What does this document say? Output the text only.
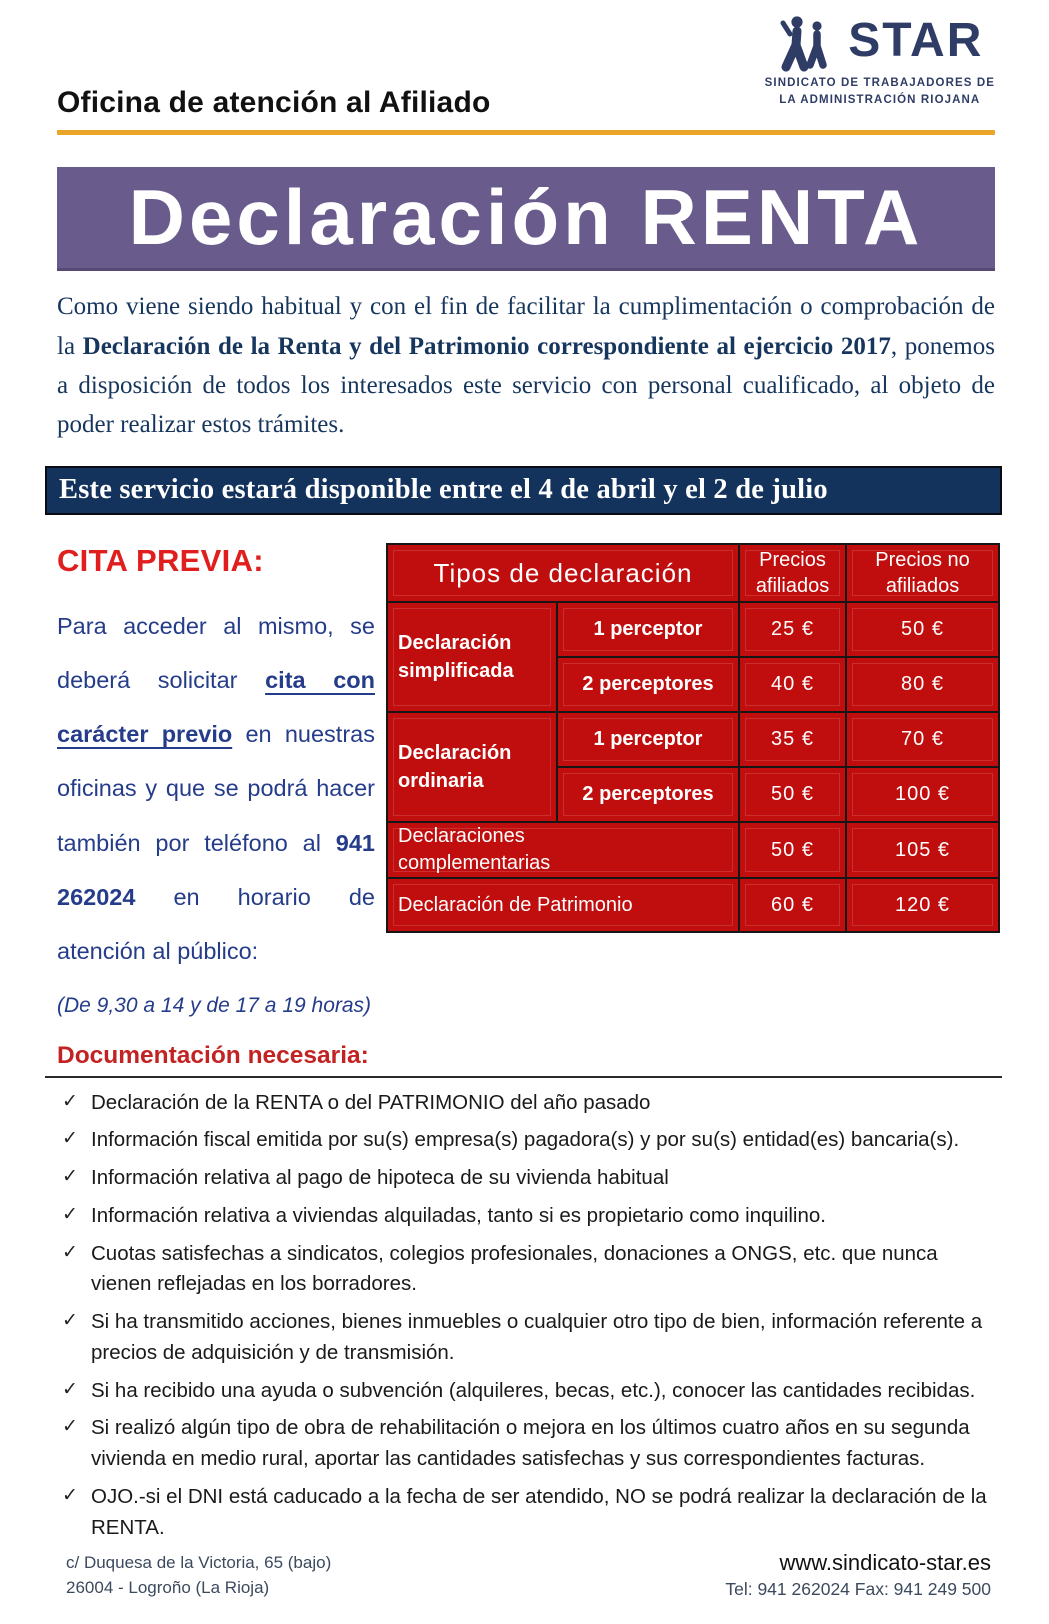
Oficina de atención al Afiliado
STAR
SINDICATO DE TRABAJADORES DE
LA ADMINISTRACIÓN RIOJANA
Declaración RENTA

Como viene siendo habitual y con el fin de facilitar la cumplimentación o comprobación de la Declaración de la Renta y del Patrimonio correspondiente al ejercicio 2017, ponemos a disposición de todos los interesados este servicio con personal cualificado, al objeto de poder realizar estos trámites.

Este servicio estará disponible entre el 4 de abril y el 2 de julio
CITA PREVIA:

Para acceder al mismo, se deberá solicitar cita con carácter previo en nuestras oficinas y que se podrá hacer también por teléfono al 941 262024 en horario de atención al público:

(De 9,30 a 14 y de 17 a 19 horas)

Tipos de declaración		Precios afiliados	Precios no afiliados
Declaración simplificada	1 perceptor	25 €	50 €
	2 perceptores	40 €	80 €
Declaración ordinaria	1 perceptor	35 €	70 €
	2 perceptores	50 €	100 €
Declaraciones complementarias		50 €	105 €
Declaración de Patrimonio		60 €	120 €
Documentación necesaria:
✓ Declaración de la RENTA o del PATRIMONIO del año pasado
✓ Información fiscal emitida por su(s) empresa(s) pagadora(s) y por su(s) entidad(es) bancaria(s).
✓ Información relativa al pago de hipoteca de su vivienda habitual
✓ Información relativa a viviendas alquiladas, tanto si es propietario como inquilino.
✓ Cuotas satisfechas a sindicatos, colegios profesionales, donaciones a ONGS, etc. que nunca vienen reflejadas en los borradores.
✓ Si ha transmitido acciones, bienes inmuebles o cualquier otro tipo de bien, información referente a precios de adquisición y de transmisión.
✓ Si ha recibido una ayuda o subvención (alquileres, becas, etc.), conocer las cantidades recibidas.
✓ Si realizó algún tipo de obra de rehabilitación o mejora en los últimos cuatro años en su segunda vivienda en medio rural, aportar las cantidades satisfechas y sus correspondientes facturas.
✓ OJO.-si el DNI está caducado a la fecha de ser atendido, NO se podrá realizar la declaración de la RENTA.
c/ Duquesa de la Victoria, 65 (bajo)
26004 - Logroño (La Rioja)
www.sindicato-star.es
Tel: 941 262024 Fax: 941 249 500
